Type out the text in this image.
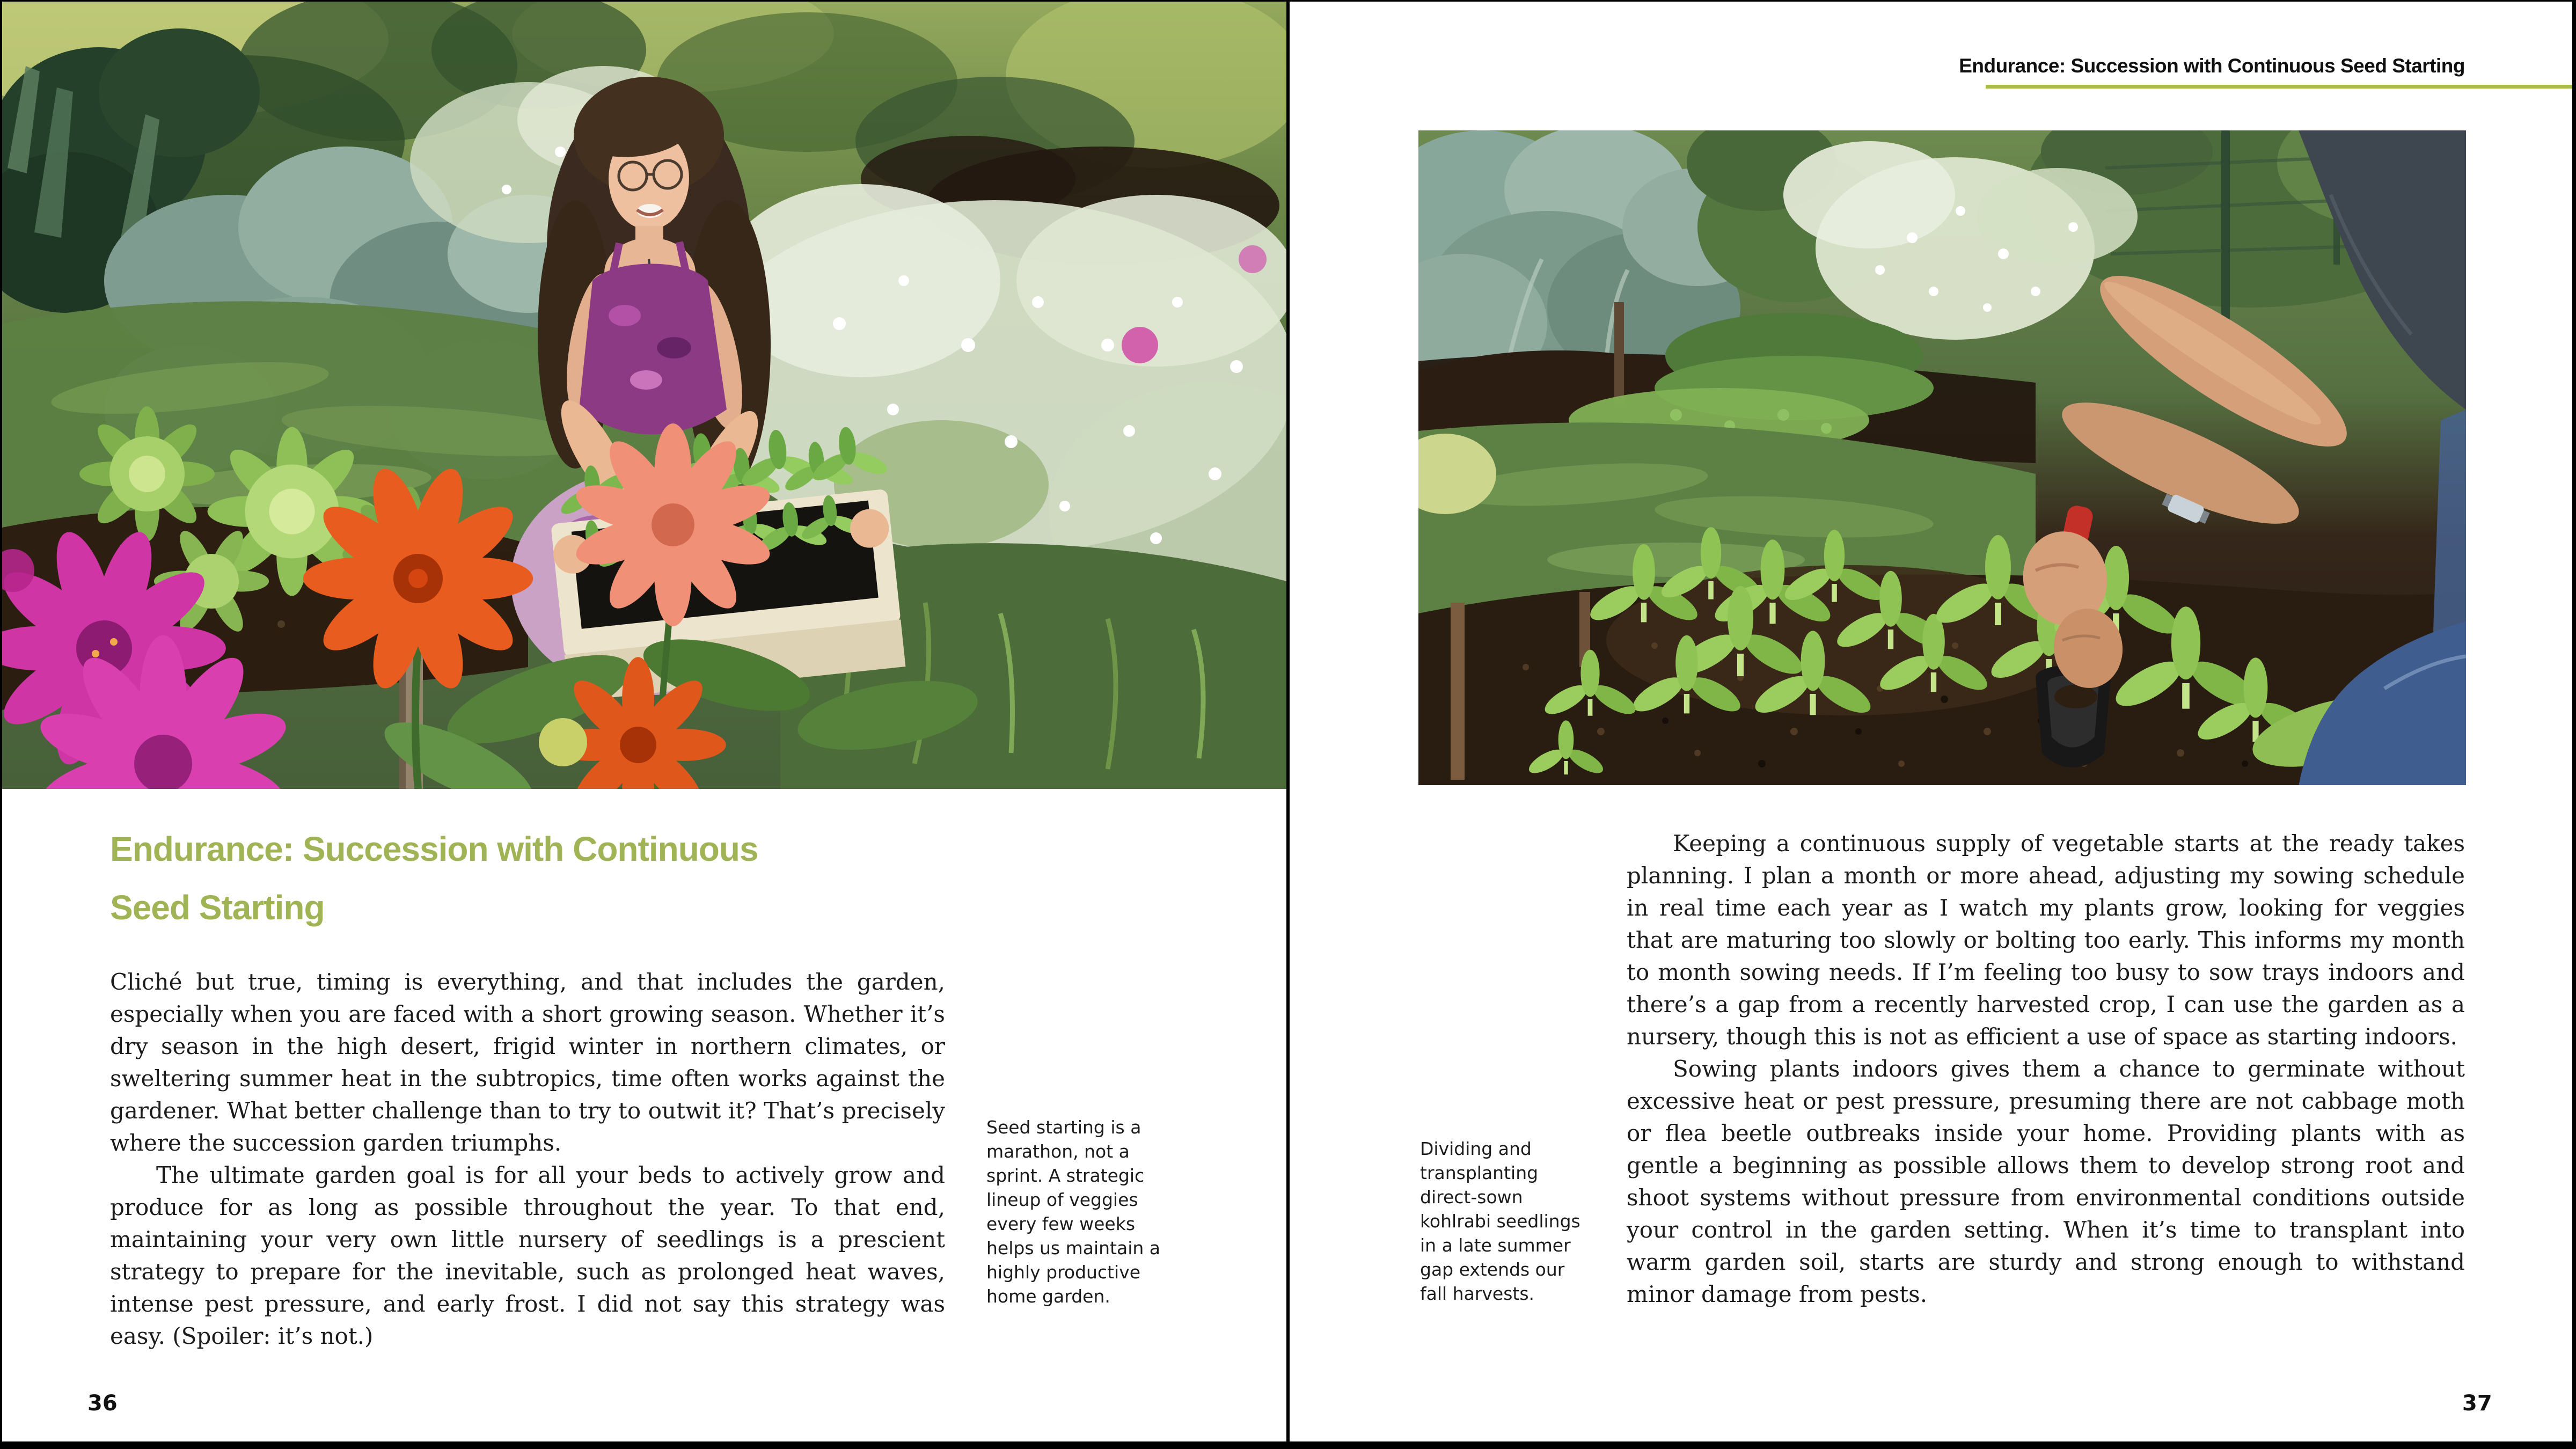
Endurance: Succession with Continuous Seed Starting
Endurance: Succession with Continuous
Seed Starting

Cliché but true, timing is everything, and that includes the garden, especially when you are faced with a short growing season. Whether it’s dry season in the high desert, frigid winter in northern climates, or sweltering summer heat in the subtropics, time often works against the gardener. What better challenge than to try to outwit it? That’s precisely where the succession garden triumphs.

The ultimate garden goal is for all your beds to actively grow and produce for as long as possible throughout the year. To that end, maintaining your very own little nursery of seedlings is a prescient strategy to prepare for the inevitable, such as prolonged heat waves, intense pest pressure, and early frost. I did not say this strategy was easy. (Spoiler: it’s not.)

Seed starting is a marathon, not a sprint. A strategic lineup of veggies every few weeks helps us maintain a highly productive home garden.
36

Keeping a continuous supply of vegetable starts at the ready takes planning. I plan a month or more ahead, adjusting my sowing schedule in real time each year as I watch my plants grow, looking for veggies that are maturing too slowly or bolting too early. This informs my month to month sowing needs. If I’m feeling too busy to sow trays indoors and there’s a gap from a recently harvested crop, I can use the garden as a nursery, though this is not as efficient a use of space as starting indoors.

Sowing plants indoors gives them a chance to germinate without excessive heat or pest pressure, presuming there are not cabbage moth or flea beetle outbreaks inside your home. Providing plants with as gentle a beginning as possible allows them to develop strong root and shoot systems without pressure from environmental conditions outside your control in the garden setting. When it’s time to transplant into warm garden soil, starts are sturdy and strong enough to withstand minor damage from pests.

Dividing and transplanting direct-sown kohlrabi seedlings in a late summer gap extends our fall harvests.
37
